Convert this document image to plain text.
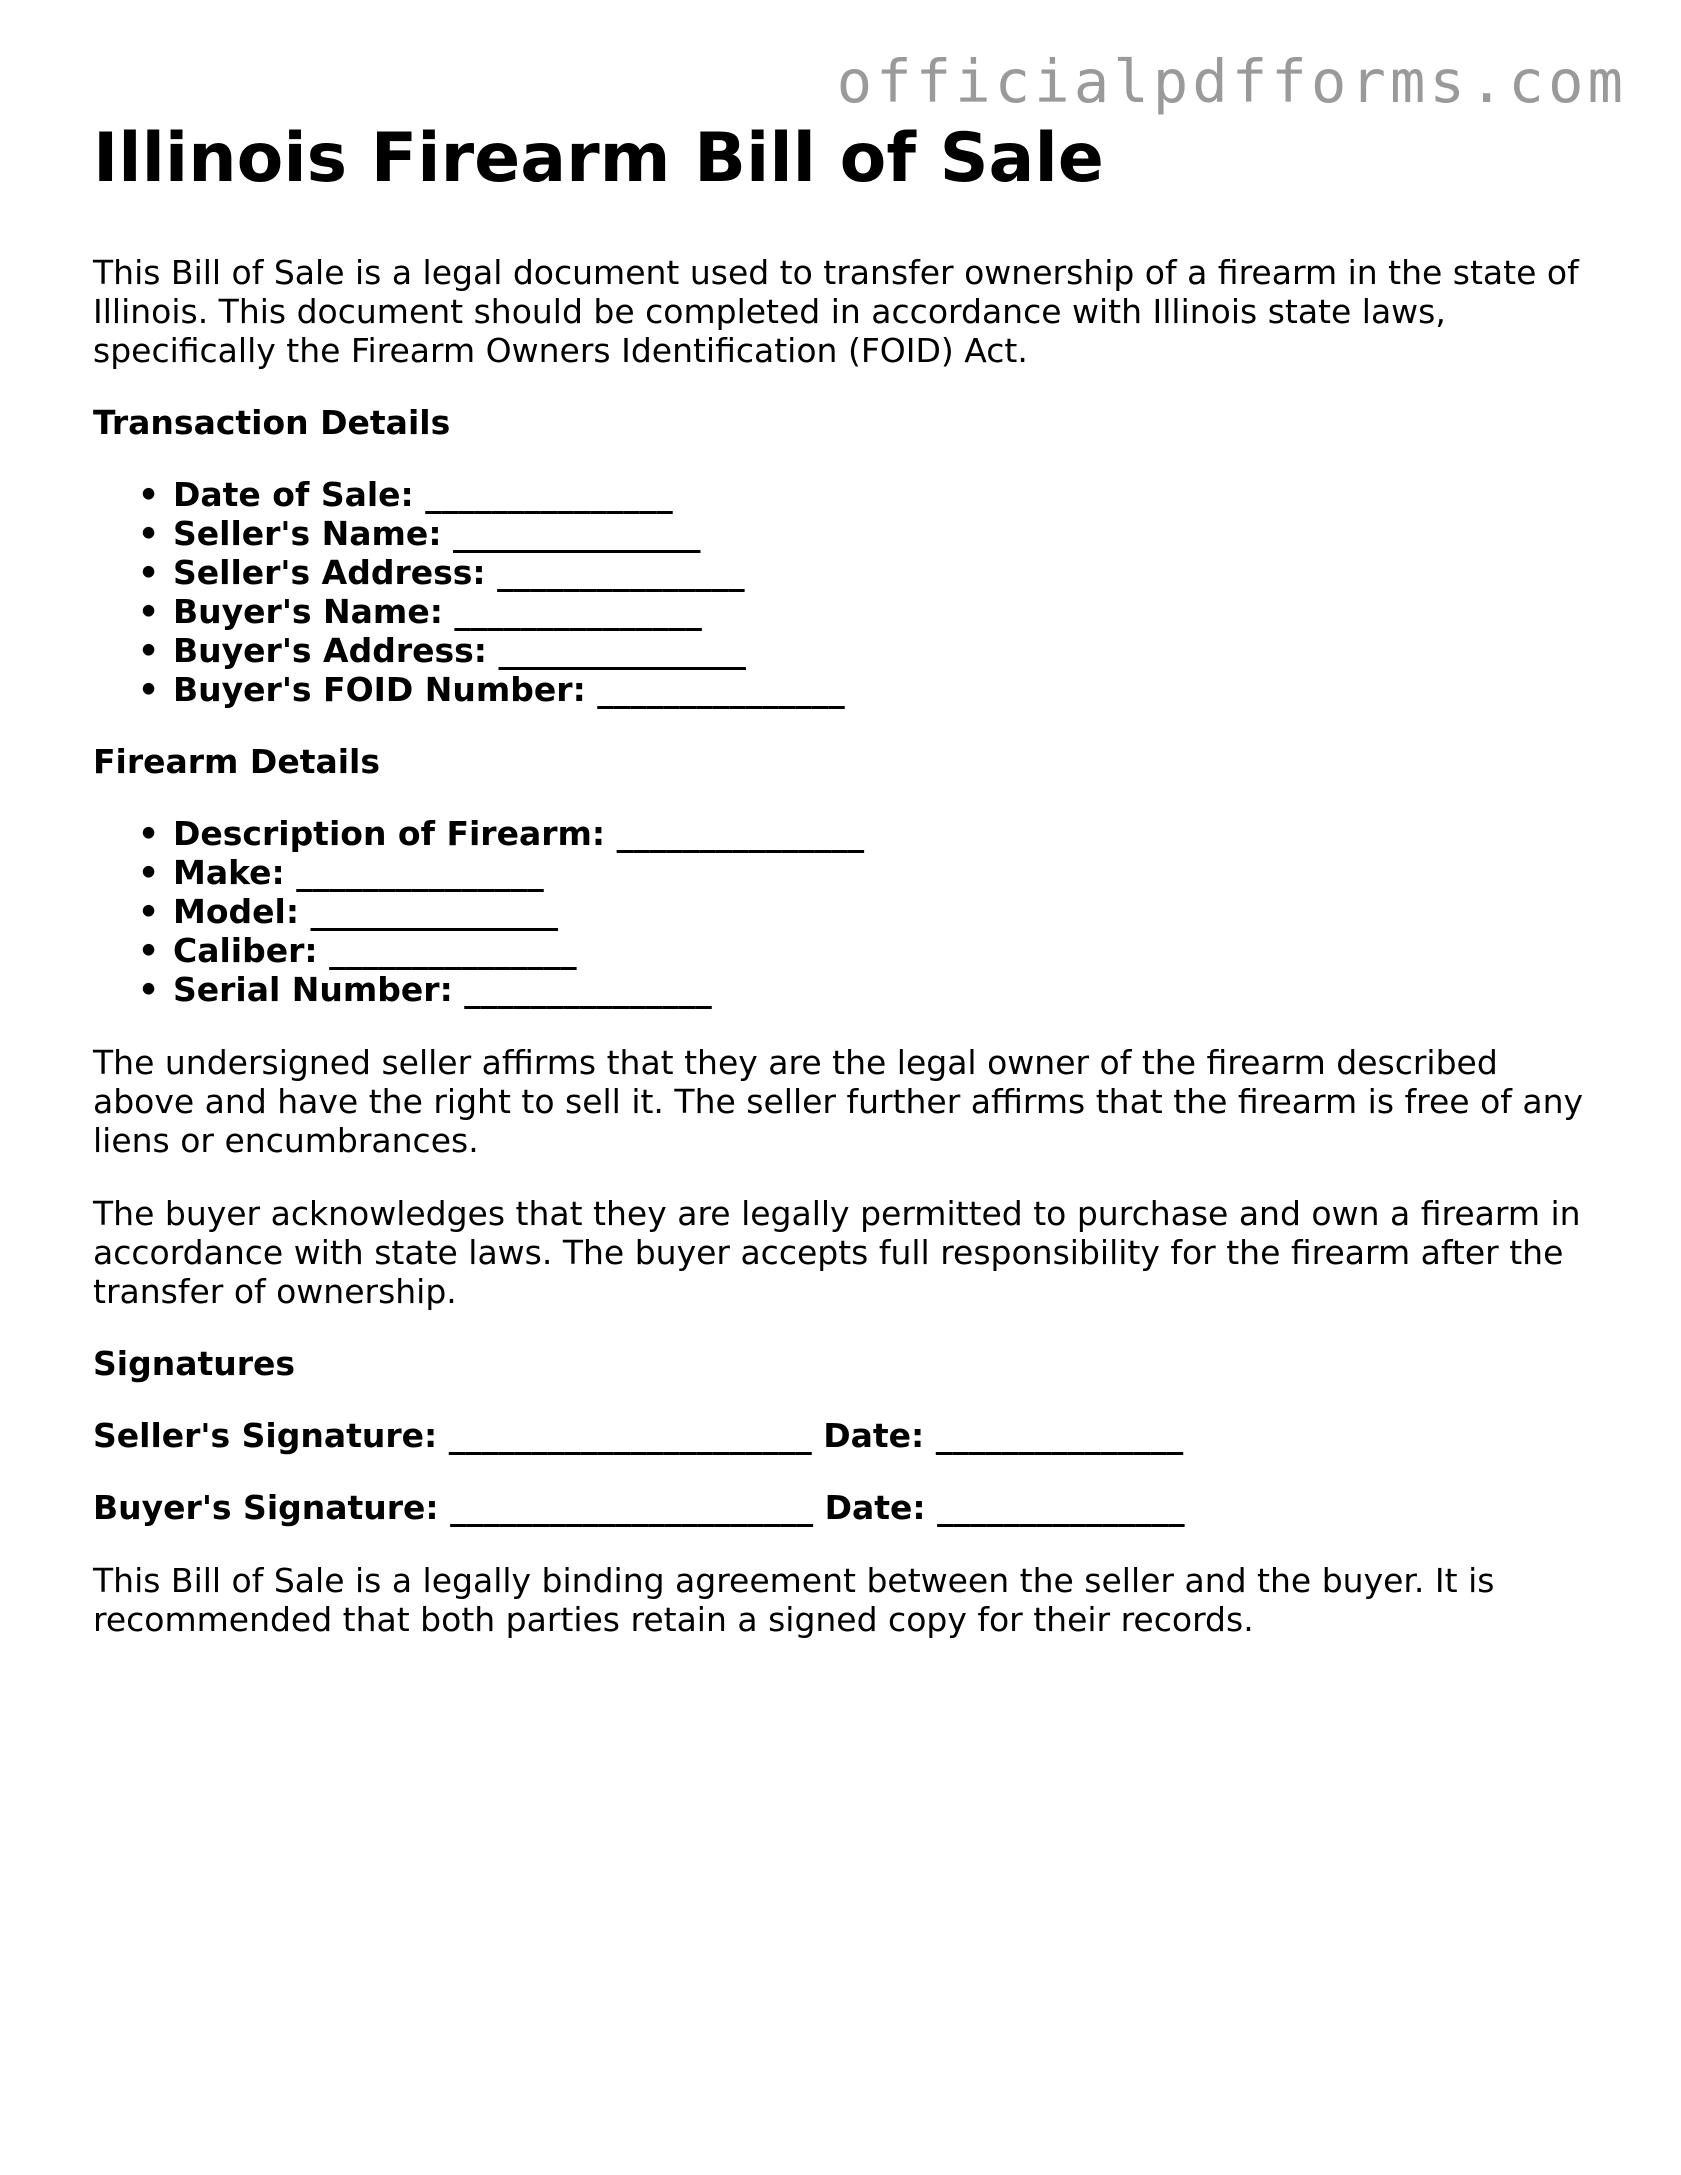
officialpdfforms.com
Illinois Firearm Bill of Sale

This Bill of Sale is a legal document used to transfer ownership of a firearm in the state of Illinois. This document should be completed in accordance with Illinois state laws, specifically the Firearm Owners Identification (FOID) Act.

Transaction Details
• Date of Sale: _______________
• Seller's Name: _______________
• Seller's Address: _______________
• Buyer's Name: _______________
• Buyer's Address: _______________
• Buyer's FOID Number: _______________
Firearm Details
• Description of Firearm: _______________
• Make: _______________
• Model: _______________
• Caliber: _______________
• Serial Number: _______________

The undersigned seller affirms that they are the legal owner of the firearm described above and have the right to sell it. The seller further affirms that the firearm is free of any liens or encumbrances.

The buyer acknowledges that they are legally permitted to purchase and own a firearm in accordance with state laws. The buyer accepts full responsibility for the firearm after the transfer of ownership.

Signatures
Seller's Signature: ______________________ Date: _______________
Buyer's Signature: ______________________ Date: _______________

This Bill of Sale is a legally binding agreement between the seller and the buyer. It is recommended that both parties retain a signed copy for their records.
